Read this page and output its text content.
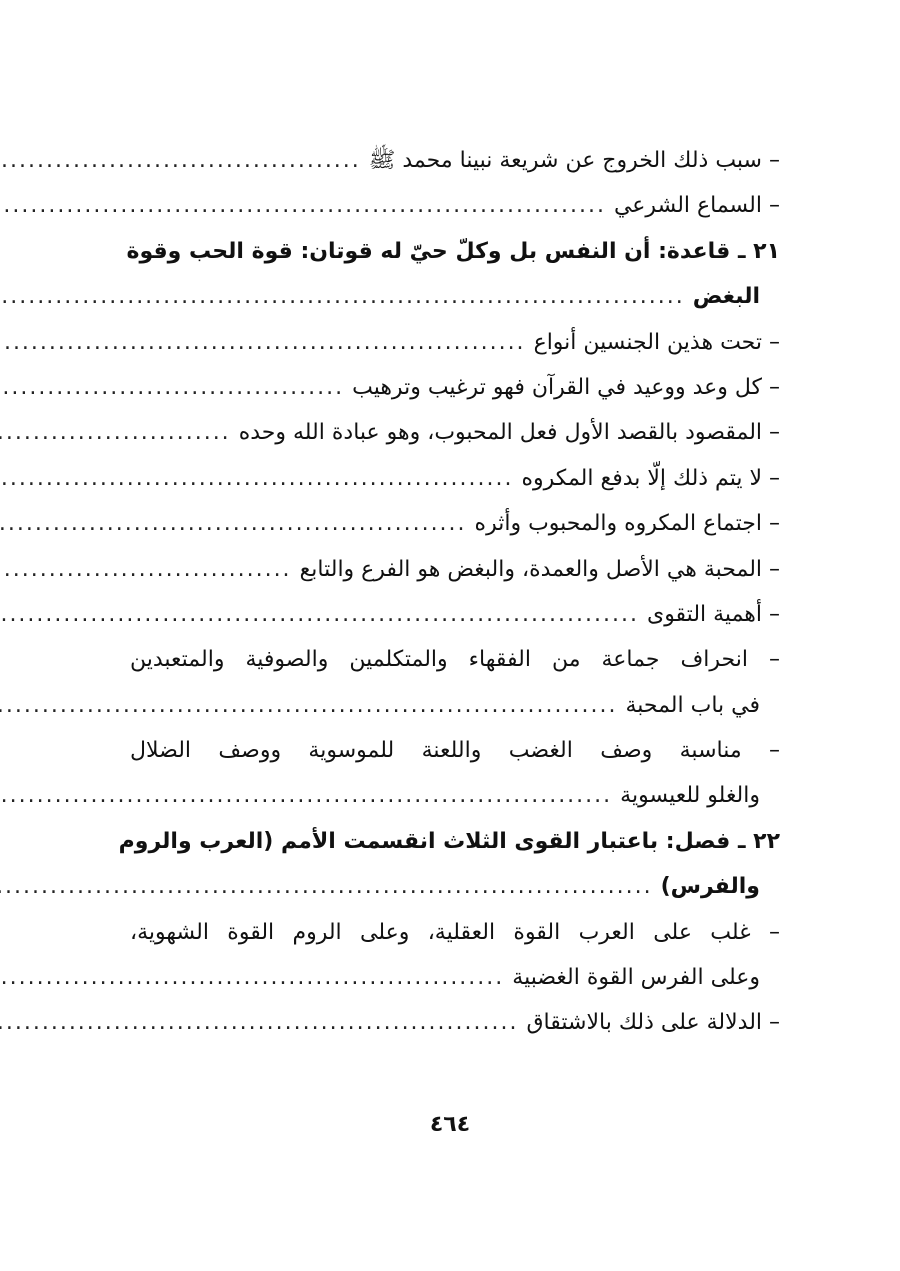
– سبب ذلك الخروج عن شريعة نبينا محمد ﷺ
.....
– السماع الشرعي
.....
٢١ ـ قاعدة: أن النفس بل وكلّ حيّ له قوتان: قوة الحب وقوة
البغض
.....
– تحت هذين الجنسين أنواع
.....
– كل وعد ووعيد في القرآن فهو ترغيب وترهيب
.....
– المقصود بالقصد الأول فعل المحبوب، وهو عبادة الله وحده
.....
– لا يتم ذلك إلّا بدفع المكروه
.....
– اجتماع المكروه والمحبوب وأثره
.....
– المحبة هي الأصل والعمدة، والبغض هو الفرع والتابع
.....
– أهمية التقوى
.....
– انحراف جماعة من الفقهاء والمتكلمين والصوفية والمتعبدين
في باب المحبة
.....
– مناسبة وصف الغضب واللعنة للموسوية ووصف الضلال
والغلو للعيسوية
.....
٢٢ ـ فصل: باعتبار القوى الثلاث انقسمت الأمم (العرب والروم
والفرس)
.....
– غلب على العرب القوة العقلية، وعلى الروم القوة الشهوية،
وعلى الفرس القوة الغضبية
.....
– الدلالة على ذلك بالاشتقاق
.....
٤٦٤
